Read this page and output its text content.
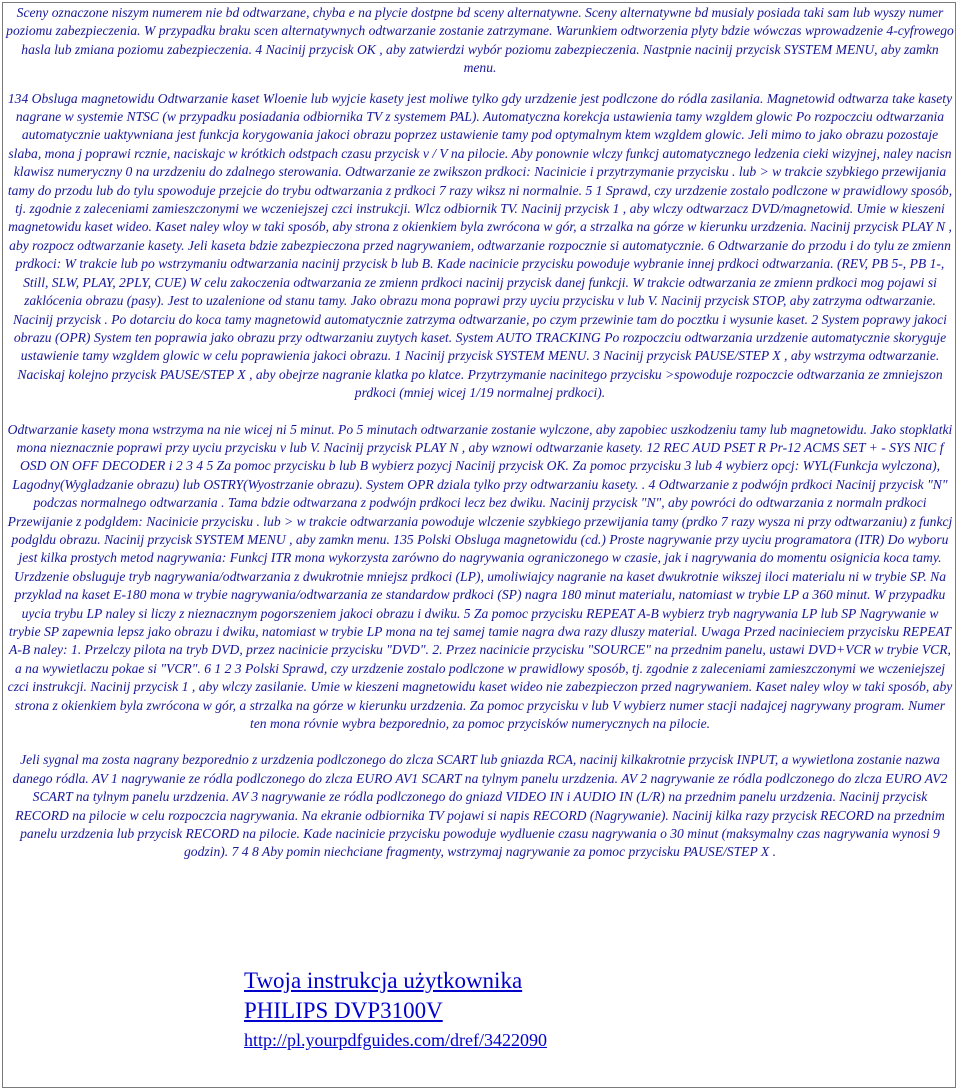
Sceny oznaczone niszym numerem nie bd odtwarzane, chyba e na plycie dostpne bd sceny alternatywne. Sceny alternatywne bd musialy posiada taki sam lub wyszy numer poziomu zabezpieczenia. W przypadku braku scen alternatywnych odtwarzanie zostanie zatrzymane. Warunkiem odtworzenia plyty bdzie wówczas wprowadzenie 4-cyfrowego hasla lub zmiana poziomu zabezpieczenia. 4 Nacinij przycisk OK , aby zatwierdzi wybór poziomu zabezpieczenia. Nastpnie nacinij przycisk SYSTEM MENU, aby zamkn menu.

134 Obsluga magnetowidu Odtwarzanie kaset Wloenie lub wyjcie kasety jest moliwe tylko gdy urzdzenie jest podlczone do ródla zasilania. Magnetowid odtwarza take kasety nagrane w systemie NTSC (w przypadku posiadania odbiornika TV z systemem PAL). Automatyczna korekcja ustawienia tamy wzgldem glowic Po rozpoczciu odtwarzania automatycznie uaktywniana jest funkcja korygowania jakoci obrazu poprzez ustawienie tamy pod optymalnym ktem wzgldem glowic. Jeli mimo to jako obrazu pozostaje slaba, mona j poprawi rcznie, naciskajc w krótkich odstpach czasu przycisk v / V na pilocie. Aby ponownie wlczy funkcj automatycznego ledzenia cieki wizyjnej, naley nacisn klawisz numeryczny 0 na urzdzeniu do zdalnego sterowania. Odtwarzanie ze zwikszon prdkoci: Nacinicie i przytrzymanie przycisku . lub > w trakcie szybkiego przewijania tamy do przodu lub do tylu spowoduje przejcie do trybu odtwarzania z prdkoci 7 razy wiksz ni normalnie. 5 1 Sprawd, czy urzdzenie zostalo podlczone w prawidlowy sposób, tj. zgodnie z zaleceniami zamieszczonymi we wczeniejszej czci instrukcji. Wlcz odbiornik TV. Nacinij przycisk 1 , aby wlczy odtwarzacz DVD/magnetowid. Umie w kieszeni magnetowidu kaset wideo. Kaset naley wloy w taki sposób, aby strona z okienkiem byla zwrócona w gór, a strzalka na górze w kierunku urzdzenia. Nacinij przycisk PLAY N , aby rozpocz odtwarzanie kasety. Jeli kaseta bdzie zabezpieczona przed nagrywaniem, odtwarzanie rozpocznie si automatycznie. 6 Odtwarzanie do przodu i do tylu ze zmienn prdkoci: W trakcie lub po wstrzymaniu odtwarzania nacinij przycisk b lub B. Kade nacinicie przycisku powoduje wybranie innej prdkoci odtwarzania. (REV, PB 5-, PB 1-, Still, SLW, PLAY, 2PLY, CUE) W celu zakoczenia odtwarzania ze zmienn prdkoci nacinij przycisk danej funkcji. W trakcie odtwarzania ze zmienn prdkoci mog pojawi si zaklócenia obrazu (pasy). Jest to uzalenione od stanu tamy. Jako obrazu mona poprawi przy uyciu przycisku v lub V. Nacinij przycisk STOP, aby zatrzyma odtwarzanie. Nacinij przycisk . Po dotarciu do koca tamy magnetowid automatycznie zatrzyma odtwarzanie, po czym przewinie tam do pocztku i wysunie kaset. 2 System poprawy jakoci obrazu (OPR) System ten poprawia jako obrazu przy odtwarzaniu zuytych kaset. System AUTO TRACKING Po rozpoczciu odtwarzania urzdzenie automatycznie skoryguje ustawienie tamy wzgldem glowic w celu poprawienia jakoci obrazu. 1 Nacinij przycisk SYSTEM MENU. 3 Nacinij przycisk PAUSE/STEP X , aby wstrzyma odtwarzanie. Naciskaj kolejno przycisk PAUSE/STEP X , aby obejrze nagranie klatka po klatce. Przytrzymanie nacinitego przycisku >spowoduje rozpoczcie odtwarzania ze zmniejszon prdkoci (mniej wicej 1/19 normalnej prdkoci).

Odtwarzanie kasety mona wstrzyma na nie wicej ni 5 minut. Po 5 minutach odtwarzanie zostanie wylczone, aby zapobiec uszkodzeniu tamy lub magnetowidu. Jako stopklatki mona nieznacznie poprawi przy uyciu przycisku v lub V. Nacinij przycisk PLAY N , aby wznowi odtwarzanie kasety. 12 REC AUD PSET R Pr-12 ACMS SET + - SYS NIC f OSD ON OFF DECODER i 2 3 4 5 Za pomoc przycisku b lub B wybierz pozycj Nacinij przycisk OK. Za pomoc przycisku 3 lub 4 wybierz opcj: WYL(Funkcja wylczona), Lagodny(Wygladzanie obrazu) lub OSTRY(Wyostrzanie obrazu). System OPR dziala tylko przy odtwarzaniu kasety. . 4 Odtwarzanie z podwójn prdkoci Nacinij przycisk "N" podczas normalnego odtwarzania . Tama bdzie odtwarzana z podwójn prdkoci lecz bez dwiku. Nacinij przycisk "N", aby powróci do odtwarzania z normaln prdkoci Przewijanie z podgldem: Nacinicie przycisku . lub > w trakcie odtwarzania powoduje wlczenie szybkiego przewijania tamy (prdko 7 razy wysza ni przy odtwarzaniu) z funkcj podgldu obrazu. Nacinij przycisk SYSTEM MENU , aby zamkn menu. 135 Polski Obsluga magnetowidu (cd.) Proste nagrywanie przy uyciu programatora (ITR) Do wyboru jest kilka prostych metod nagrywania: Funkcj ITR mona wykorzysta zarówno do nagrywania ograniczonego w czasie, jak i nagrywania do momentu osignicia koca tamy. Urzdzenie obsluguje tryb nagrywania/odtwarzania z dwukrotnie mniejsz prdkoci (LP), umoliwiajcy nagranie na kaset dwukrotnie wikszej iloci materialu ni w trybie SP. Na przyklad na kaset E-180 mona w trybie nagrywania/odtwarzania ze standardow prdkoci (SP) nagra 180 minut materialu, natomiast w trybie LP a 360 minut. W przypadku uycia trybu LP naley si liczy z nieznacznym pogorszeniem jakoci obrazu i dwiku. 5 Za pomoc przycisku REPEAT A-B wybierz tryb nagrywania LP lub SP Nagrywanie w trybie SP zapewnia lepsz jako obrazu i dwiku, natomiast w trybie LP mona na tej samej tamie nagra dwa razy dluszy material. Uwaga Przed nacinieciem przycisku REPEAT A-B naley: 1. Przelczy pilota na tryb DVD, przez nacinicie przycisku "DVD". 2. Przez nacinicie przycisku "SOURCE" na przednim panelu, ustawi DVD+VCR w trybie VCR, a na wywietlaczu pokae si "VCR". 6 1 2 3 Polski Sprawd, czy urzdzenie zostalo podlczone w prawidlowy sposób, tj. zgodnie z zaleceniami zamieszczonymi we wczeniejszej czci instrukcji. Nacinij przycisk 1 , aby wlczy zasilanie. Umie w kieszeni magnetowidu kaset wideo nie zabezpieczon przed nagrywaniem. Kaset naley wloy w taki sposób, aby strona z okienkiem byla zwrócona w gór, a strzalka na górze w kierunku urzdzenia. Za pomoc przycisku v lub V wybierz numer stacji nadajcej nagrywany program. Numer ten mona róvnie wybra bezporednio, za pomoc przycisków numerycznych na pilocie.

Jeli sygnal ma zosta nagrany bezporednio z urzdzenia podlczonego do zlcza SCART lub gniazda RCA, nacinij kilkakrotnie przycisk INPUT, a wywietlona zostanie nazwa danego ródla. AV 1 nagrywanie ze ródla podlczonego do zlcza EURO AV1 SCART na tylnym panelu urzdzenia. AV 2 nagrywanie ze ródla podlczonego do zlcza EURO AV2 SCART na tylnym panelu urzdzenia. AV 3 nagrywanie ze ródla podlczonego do gniazd VIDEO IN i AUDIO IN (L/R) na przednim panelu urzdzenia. Nacinij przycisk RECORD na pilocie w celu rozpoczcia nagrywania. Na ekranie odbiornika TV pojawi si napis RECORD (Nagrywanie). Nacinij kilka razy przycisk RECORD na przednim panelu urzdzenia lub przycisk RECORD na pilocie. Kade nacinicie przycisku powoduje wydluenie czasu nagrywania o 30 minut (maksymalny czas nagrywania wynosi 9 godzin). 7 4 8 Aby pomin niechciane fragmenty, wstrzymaj nagrywanie za pomoc przycisku PAUSE/STEP X .

Twoja instrukcja użytkownika
PHILIPS DVP3100V
http://pl.yourpdfguides.com/dref/3422090
